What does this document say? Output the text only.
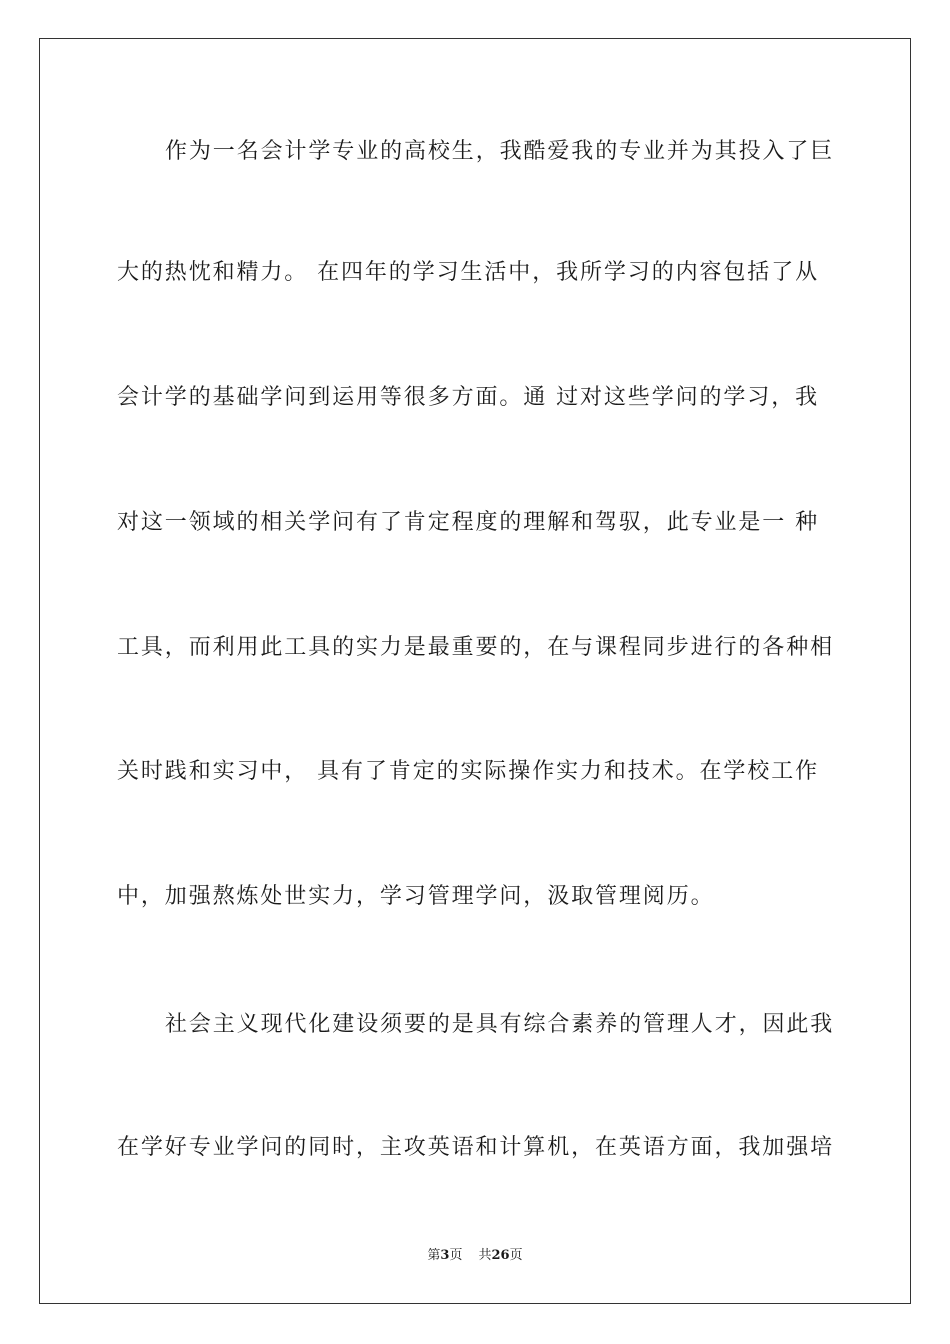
作为一名会计学专业的高校生，我酷爱我的专业并为其投入了巨
大的热忱和精力。 在四年的学习生活中，我所学习的内容包括了从
会计学的基础学问到运用等很多方面。通 过对这些学问的学习，我
对这一领域的相关学问有了肯定程度的理解和驾驭，此专业是一 种
工具，而利用此工具的实力是最重要的，在与课程同步进行的各种相
关时践和实习中， 具有了肯定的实际操作实力和技术。在学校工作
中，加强熬炼处世实力，学习管理学问，汲取管理阅历。
社会主义现代化建设须要的是具有综合素养的管理人才，因此我
在学好专业学问的同时，主攻英语和计算机，在英语方面，我加强培
第3页 共26页
